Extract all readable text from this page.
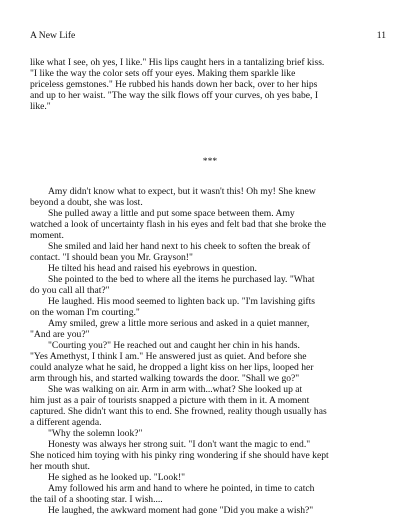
A New Life	11
like what I see, oh yes, I like." His lips caught hers in a tantalizing brief kiss.
"I like the way the color sets off your eyes. Making them sparkle like
priceless gemstones." He rubbed his hands down her back, over to her hips
and up to her waist. "The way the silk flows off your curves, oh yes babe, I
like."
***
Amy didn't know what to expect, but it wasn't this! Oh my! She knew
beyond a doubt, she was lost.
She pulled away a little and put some space between them. Amy
watched a look of uncertainty flash in his eyes and felt bad that she broke the
moment.
She smiled and laid her hand next to his cheek to soften the break of
contact. "I should bean you Mr. Grayson!"
He tilted his head and raised his eyebrows in question.
She pointed to the bed to where all the items he purchased lay. "What
do you call all that?"
He laughed. His mood seemed to lighten back up. "I'm lavishing gifts
on the woman I'm courting."
Amy smiled, grew a little more serious and asked in a quiet manner,
"And are you?"
"Courting you?" He reached out and caught her chin in his hands.
"Yes Amethyst, I think I am." He answered just as quiet. And before she
could analyze what he said, he dropped a light kiss on her lips, looped her
arm through his, and started walking towards the door. "Shall we go?"
She was walking on air. Arm in arm with...what? She looked up at
him just as a pair of tourists snapped a picture with them in it. A moment
captured. She didn't want this to end. She frowned, reality though usually has
a different agenda.
"Why the solemn look?"
Honesty was always her strong suit. "I don't want the magic to end."
She noticed him toying with his pinky ring wondering if she should have kept
her mouth shut.
He sighed as he looked up. "Look!"
Amy followed his arm and hand to where he pointed, in time to catch
the tail of a shooting star. I wish....
He laughed, the awkward moment had gone "Did you make a wish?"
